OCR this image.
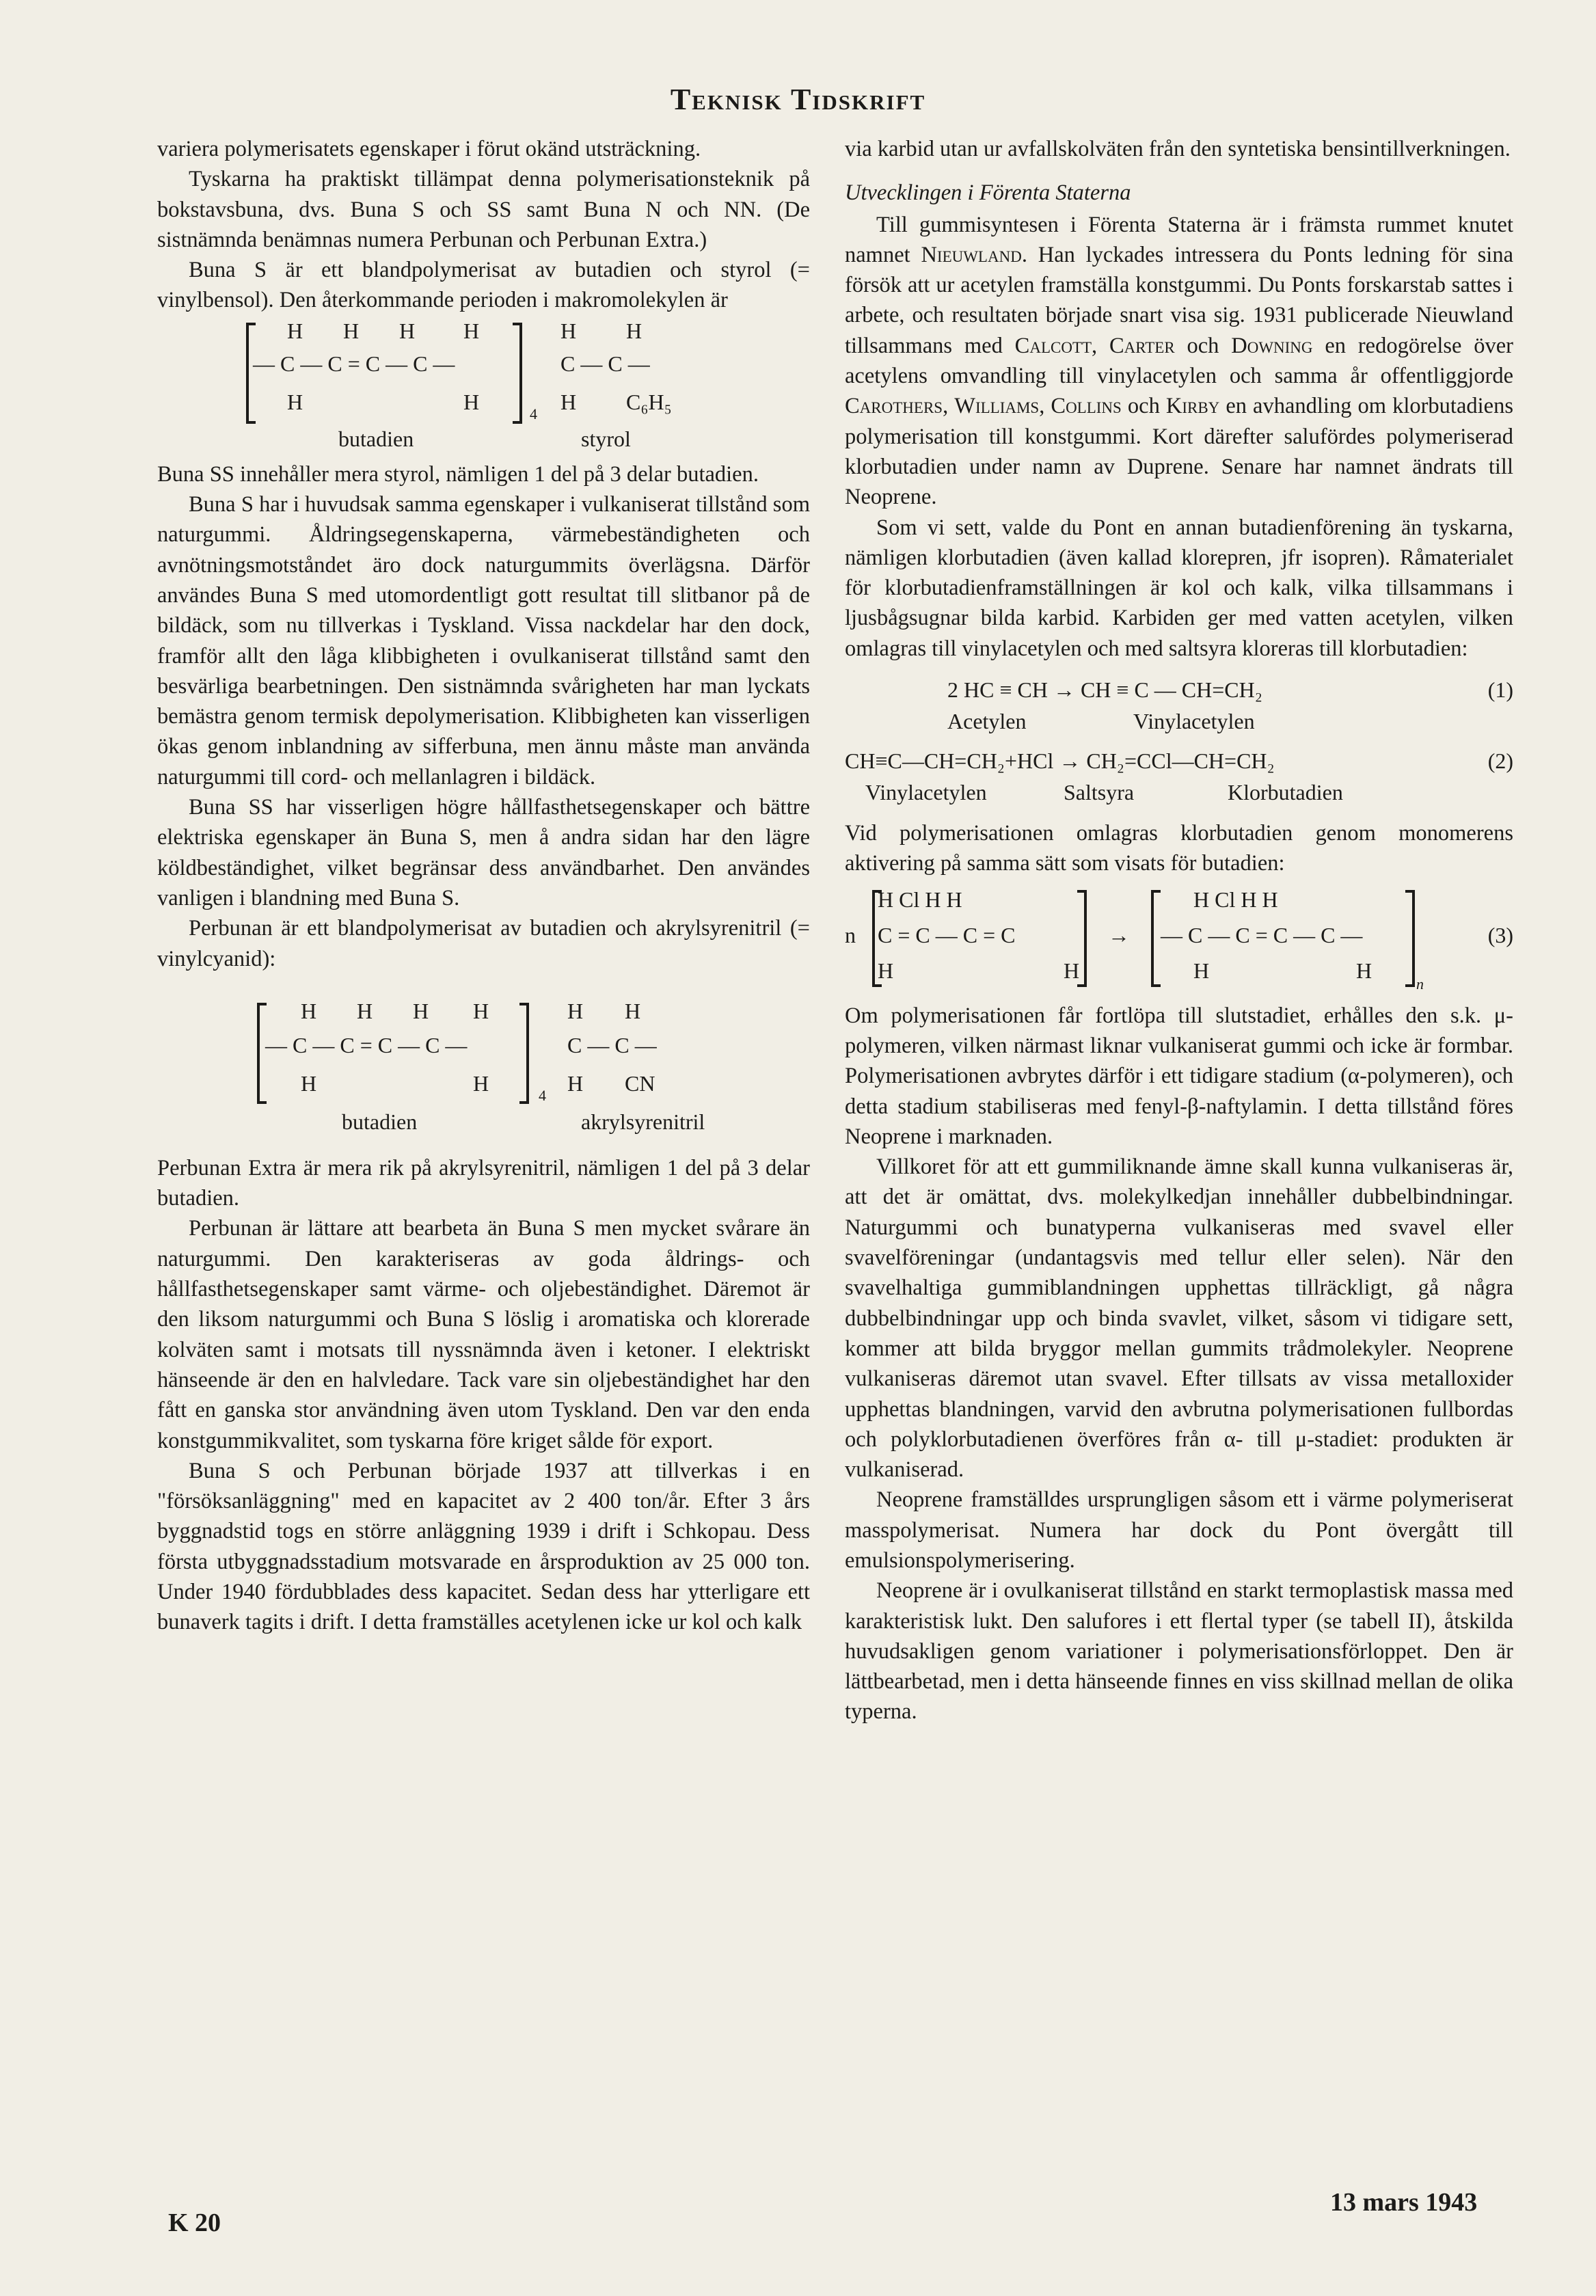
Teknisk Tidskrift

variera polymerisatets egenskaper i förut okänd utsträckning.

Tyskarna ha praktiskt tillämpat denna polymerisationsteknik på bokstavsbuna, dvs. Buna S och SS samt Buna N och NN. (De sistnämnda benämnas numera Perbunan och Perbunan Extra.)

Buna S är ett blandpolymerisat av butadien och styrol (= vinylbensol). Den återkommande perioden i makromolekylen är

H H H H	H H
— C — C = C — C —	C — C —
H	H	4 H C₆H₅
butadien	styrol

Buna SS innehåller mera styrol, nämligen 1 del på 3 delar butadien.

Buna S har i huvudsak samma egenskaper i vulkaniserat tillstånd som naturgummi. Åldringsegenskaperna, värmebeständigheten och avnötningsmotståndet äro dock naturgummits överlägsna. Därför användes Buna S med utomordentligt gott resultat till slitbanor på de bildäck, som nu tillverkas i Tyskland. Vissa nackdelar har den dock, framför allt den låga klibbigheten i ovulkaniserat tillstånd samt den besvärliga bearbetningen. Den sistnämnda svårigheten har man lyckats bemästra genom termisk depolymerisation. Klibbigheten kan visserligen ökas genom inblandning av sifferbuna, men ännu måste man använda naturgummi till cord- och mellanlagren i bildäck.

Buna SS har visserligen högre hållfasthetsegenskaper och bättre elektriska egenskaper än Buna S, men å andra sidan har den lägre köldbeständighet, vilket begränsar dess användbarhet. Den användes vanligen i blandning med Buna S.

Perbunan är ett blandpolymerisat av butadien och akrylsyrenitril (= vinylcyanid):

H H H H	H H
— C — C = C — C —	C — C —
H	H	4 H CN
butadien	akrylsyrenitril

Perbunan Extra är mera rik på akrylsyrenitril, nämligen 1 del på 3 delar butadien.

Perbunan är lättare att bearbeta än Buna S men mycket svårare än naturgummi. Den karakteriseras av goda åldrings- och hållfasthetsegenskaper samt värme- och oljebeständighet. Däremot är den liksom naturgummi och Buna S löslig i aromatiska och klorerade kolväten samt i motsats till nyssnämnda även i ketoner. I elektriskt hänseende är den en halvledare. Tack vare sin oljebeständighet har den fått en ganska stor användning även utom Tyskland. Den var den enda konstgummikvalitet, som tyskarna före kriget sålde för export.

Buna S och Perbunan började 1937 att tillverkas i en "försöksanläggning" med en kapacitet av 2 400 ton/år. Efter 3 års byggnadstid togs en större anläggning 1939 i drift i Schkopau. Dess första utbyggnadsstadium motsvarade en årsproduktion av 25 000 ton. Under 1940 fördubblades dess kapacitet. Sedan dess har ytterligare ett bunaverk tagits i drift. I detta framställes acetylenen icke ur kol och kalk

via karbid utan ur avfallskolväten från den syntetiska bensintillverkningen.

Utvecklingen i Förenta Staterna

Till gummisyntesen i Förenta Staterna är i främsta rummet knutet namnet Nieuwland. Han lyckades intressera du Ponts ledning för sina försök att ur acetylen framställa konstgummi. Du Ponts forskarstab sattes i arbete, och resultaten började snart visa sig. 1931 publicerade Nieuwland tillsammans med Calcott, Carter och Downing en redogörelse över acetylens omvandling till vinylacetylen och samma år offentliggjorde Carothers, Williams, Collins och Kirby en avhandling om klorbutadiens polymerisation till konstgummi. Kort därefter salufördes polymeriserad klorbutadien under namn av Duprene. Senare har namnet ändrats till Neoprene.

Som vi sett, valde du Pont en annan butadienförening än tyskarna, nämligen klorbutadien (även kallad klorepren, jfr isopren). Råmaterialet för klorbutadienframställningen är kol och kalk, vilka tillsammans i ljusbågsugnar bilda karbid. Karbiden ger med vatten acetylen, vilken omlagras till vinylacetylen och med saltsyra kloreras till klorbutadien:

2 HC ≡ CH → CH ≡ C — CH=CH₂	(1)
Acetylen	Vinylacetylen
CH≡C—CH=CH₂+HCl → CH₂=CCl—CH=CH₂	(2)
Vinylacetylen	Saltsyra	Klorbutadien

Vid polymerisationen omlagras klorbutadien genom monomerens aktivering på samma sätt som visats för butadien:

n
H Cl H H
C = C — C = C
H	H
→
H Cl H H
— C — C = C — C —
H	H
n
(3)

Om polymerisationen får fortlöpa till slutstadiet, erhålles den s.k. μ-polymeren, vilken närmast liknar vulkaniserat gummi och icke är formbar. Polymerisationen avbrytes därför i ett tidigare stadium (α-polymeren), och detta stadium stabiliseras med fenyl-β-naftylamin. I detta tillstånd föres Neoprene i marknaden.

Villkoret för att ett gummiliknande ämne skall kunna vulkaniseras är, att det är omättat, dvs. molekylkedjan innehåller dubbelbindningar. Naturgummi och bunatyperna vulkaniseras med svavel eller svavelföreningar (undantagsvis med tellur eller selen). När den svavelhaltiga gummiblandningen upphettas tillräckligt, gå några dubbelbindningar upp och binda svavlet, vilket, såsom vi tidigare sett, kommer att bilda bryggor mellan gummits trådmolekyler. Neoprene vulkaniseras däremot utan svavel. Efter tillsats av vissa metalloxider upphettas blandningen, varvid den avbrutna polymerisationen fullbordas och polyklorbutadienen överföres från α- till μ-stadiet: produkten är vulkaniserad.

Neoprene framställdes ursprungligen såsom ett i värme polymeriserat masspolymerisat. Numera har dock du Pont övergått till emulsionspolymerisering.

Neoprene är i ovulkaniserat tillstånd en starkt termoplastisk massa med karakteristisk lukt. Den salufores i ett flertal typer (se tabell II), åtskilda huvudsakligen genom variationer i polymerisationsförloppet. Den är lättbearbetad, men i detta hänseende finnes en viss skillnad mellan de olika typerna.

K 20
13 mars 1943
